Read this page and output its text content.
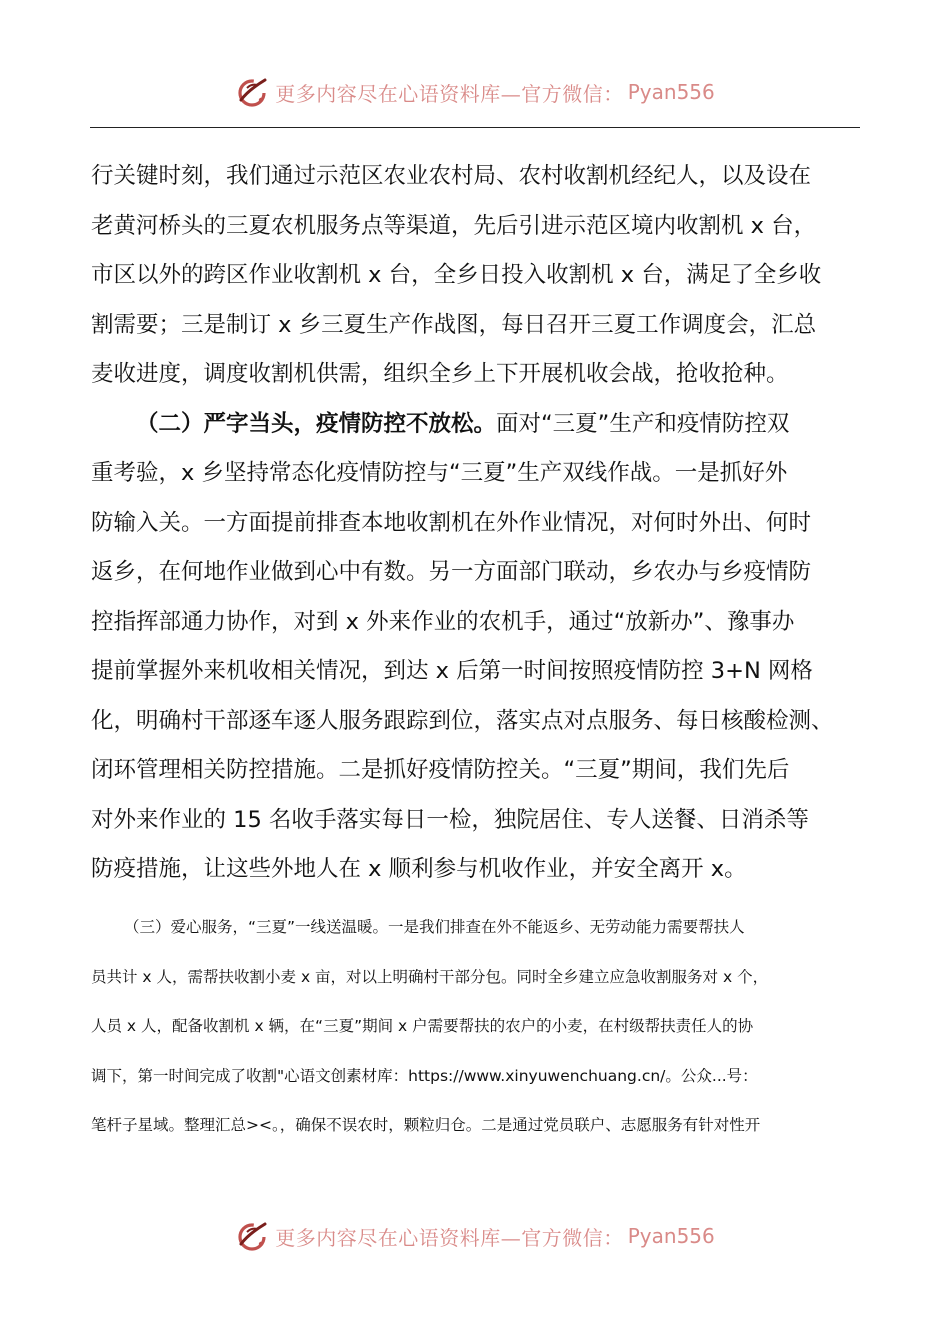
更多内容尽在心语资料库—官方微信： Pyan556
行关键时刻，我们通过示范区农业农村局、农村收割机经纪人，以及设在
老黄河桥头的三夏农机服务点等渠道，先后引进示范区境内收割机 x 台，
市区以外的跨区作业收割机 x 台，全乡日投入收割机 x 台，满足了全乡收
割需要；三是制订 x 乡三夏生产作战图，每日召开三夏工作调度会，汇总
麦收进度，调度收割机供需，组织全乡上下开展机收会战，抢收抢种。
（二）严字当头，疫情防控不放松。面对“三夏”生产和疫情防控双
重考验，x 乡坚持常态化疫情防控与“三夏”生产双线作战。一是抓好外
防输入关。一方面提前排查本地收割机在外作业情况，对何时外出、何时
返乡，在何地作业做到心中有数。另一方面部门联动，乡农办与乡疫情防
控指挥部通力协作，对到 x 外来作业的农机手，通过“放新办”、豫事办
提前掌握外来机收相关情况，到达 x 后第一时间按照疫情防控 3+N 网格
化，明确村干部逐车逐人服务跟踪到位，落实点对点服务、每日核酸检测、
闭环管理相关防控措施。二是抓好疫情防控关。“三夏”期间，我们先后
对外来作业的 15 名收手落实每日一检，独院居住、专人送餐、日消杀等
防疫措施，让这些外地人在 x 顺利参与机收作业，并安全离开 x。
（三）爱心服务，“三夏”一线送温暖。一是我们排查在外不能返乡、无劳动能力需要帮扶人
员共计 x 人，需帮扶收割小麦 x 亩，对以上明确村干部分包。同时全乡建立应急收割服务对 x 个，
人员 x 人，配备收割机 x 辆，在“三夏”期间 x 户需要帮扶的农户的小麦，在村级帮扶责任人的协
调下，第一时间完成了收割"心语文创素材库：https://www.xinyuwenchuang.cn/。公众...号：
笔杆子星域。整理汇总><。，确保不误农时，颗粒归仓。二是通过党员联户、志愿服务有针对性开
更多内容尽在心语资料库—官方微信： Pyan556
